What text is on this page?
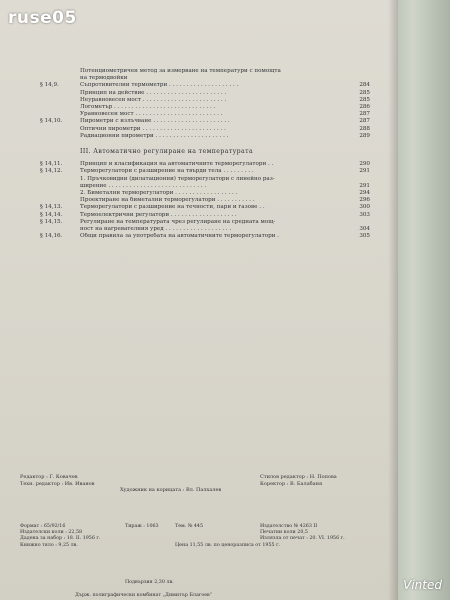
ruse05
Потенциометричен метод за измерване на температури с помощта
на термодвойки
§ 14,9.	Съпротивителни термометри . . . . . . . . . . . . . . . . . . . .	284
Принцип на действие . . . . . . . . . . . . . . . . . . . . . . .	285
Неуравновесен мост . . . . . . . . . . . . . . . . . . . . . . . .	285
Логометър . . . . . . . . . . . . . . . . . . . . . . . . . . . . .	286
Уравновесен мост . . . . . . . . . . . . . . . . . . . . . . . . .	287
§ 14,10.	Пирометри с излъчване . . . . . . . . . . . . . . . . . . . . . .	287
Оптични пирометри . . . . . . . . . . . . . . . . . . . . . . . .	288
Радиационни пирометри . . . . . . . . . . . . . . . . . . . . .	289
III. Автоматично регулиране на температурата
§ 14,11.	Принцип и класификация на автоматичните терморегулатори . .	290
§ 14,12.	Терморегулатори с разширение на твърди тела . . . . . . . . .	291
1. Пръчковидни (дилатационни) терморегулатори с линейно раз-
ширение . . . . . . . . . . . . . . . . . . . . . . . . . . . .	291
2. Биметални терморегулатори . . . . . . . . . . . . . . . . . .	294
Проектиране на биметални терморегулатори . . . . . . . . . . .	296
§ 14,13.	Терморегулатори с разширение на течности, пари и газове . .	300
§ 14,14.	Термоелектрични регулатори . . . . . . . . . . . . . . . . . . .	303
§ 14,15.	Регулиране на температурата чрез регулиране на средната мощ-
ност на нагревателния уред . . . . . . . . . . . . . . . . . . .	304
§ 14,16.	Общи правила за употребата на автоматичните терморегулатори .	305
Редактор : Г. Ковачев	Стилов редактор : Н. Попова
Техн. редактор : Ив. Иванов	Коректор : В. Балабаня
Художник на корицата : Вл. Палхалев
Формат : 65/92/16	Тираж : 1063	Тем. № 445	Издателство № 4263 II
Издателски коли : 22,58	Печатни коли 20,5
Дадена за набор : 18. II. 1956 г.	Излязла от печат : 20. VI. 1956 г.
Книжно тяло : 9,25 лв.	Цена 11,55 лв. по ценоразписа от 1955 г.
Подвързия 2,30 лв.
Държ. полиграфически комбинат „Димитър Благоев“
Vinted
